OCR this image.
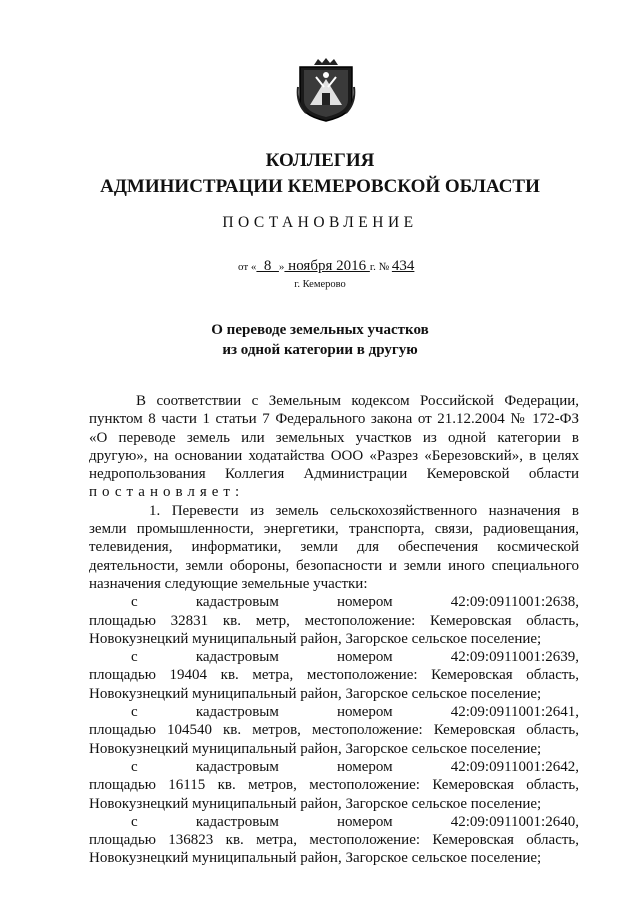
КОЛЛЕГИЯ
АДМИНИСТРАЦИИ КЕМЕРОВСКОЙ ОБЛАСТИ
ПОСТАНОВЛЕНИЕ
от «  8  » ноября 2016 г. № 434
г. Кемерово
О переводе земельных участков
из одной категории в другую

В соответствии с Земельным кодексом Российской Федерации,

пунктом 8 части 1 статьи 7 Федерального закона от 21.12.2004 № 172-ФЗ

«О переводе земель или земельных участков из одной категории в

другую», на основании ходатайства ООО «Разрез «Березовский», в целях

недропользования Коллегия Администрации Кемеровской области

постановляет:

1. Перевести из земель сельскохозяйственного назначения в

земли промышленности, энергетики, транспорта, связи, радиовещания,

телевидения, информатики, земли для обеспечения космической

деятельности, земли обороны, безопасности и земли иного специального

назначения следующие земельные участки:

с	кадастровым	номером	42:09:0911001:2638,

площадью 32831 кв. метр, местоположение: Кемеровская область,

Новокузнецкий муниципальный район, Загорское сельское поселение;

с	кадастровым	номером	42:09:0911001:2639,

площадью 19404 кв. метра, местоположение: Кемеровская область,

Новокузнецкий муниципальный район, Загорское сельское поселение;

с	кадастровым	номером	42:09:0911001:2641,

площадью 104540 кв. метров, местоположение: Кемеровская область,

Новокузнецкий муниципальный район, Загорское сельское поселение;

с	кадастровым	номером	42:09:0911001:2642,

площадью 16115 кв. метров, местоположение: Кемеровская область,

Новокузнецкий муниципальный район, Загорское сельское поселение;

с	кадастровым	номером	42:09:0911001:2640,

площадью 136823 кв. метра, местоположение: Кемеровская область,

Новокузнецкий муниципальный район, Загорское сельское поселение;
